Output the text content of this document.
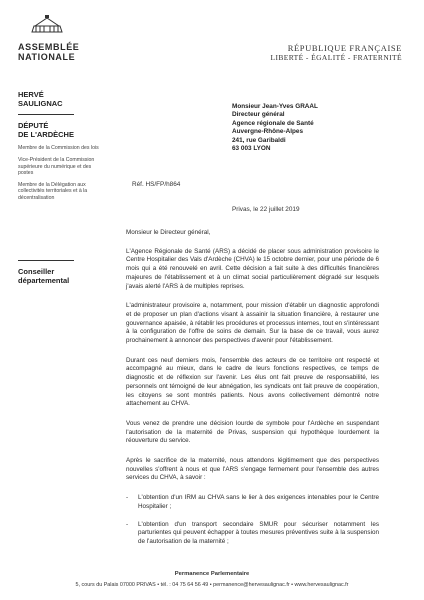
ASSEMBLÉE
NATIONALE
RÉPUBLIQUE FRANÇAISE
LIBERTÉ - ÉGALITÉ - FRATERNITÉ
HERVÉ
SAULIGNAC
DÉPUTÉ
DE L'ARDÈCHE
Membre de la Commission des lois
Vice-Président de la Commission supérieure du numérique et des postes
Membre de la Délégation aux collectivités territoriales et à la décentralisation
Conseiller
départemental
Monsieur Jean-Yves GRAAL
Directeur général
Agence régionale de Santé
Auvergne-Rhône-Alpes
241, rue Garibaldi
63 003 LYON
Réf. HS/FP/h864
Privas, le 22 juillet 2019

Monsieur le Directeur général,

L'Agence Régionale de Santé (ARS) a décidé de placer sous administration provisoire le Centre Hospitalier des Vals d'Ardèche (CHVA) le 15 octobre dernier, pour une période de 6 mois qui a été renouvelé en avril. Cette décision a fait suite à des difficultés financières majeures de l'établissement et à un climat social particulièrement dégradé sur lesquels j'avais alerté l'ARS à de multiples reprises.

L'administrateur provisoire a, notamment, pour mission d'établir un diagnostic approfondi et de proposer un plan d'actions visant à assainir la situation financière, à restaurer une gouvernance apaisée, à rétablir les procédures et processus internes, tout en s'intéressant à la configuration de l'offre de soins de demain. Sur la base de ce travail, vous aurez prochainement à annoncer des perspectives d'avenir pour l'établissement.

Durant ces neuf derniers mois, l'ensemble des acteurs de ce territoire ont respecté et accompagné au mieux, dans le cadre de leurs fonctions respectives, ce temps de diagnostic et de réflexion sur l'avenir. Les élus ont fait preuve de responsabilité, les personnels ont témoigné de leur abnégation, les syndicats ont fait preuve de coopération, les citoyens se sont montrés patients. Nous avons collectivement démontré notre attachement au CHVA.

Vous venez de prendre une décision lourde de symbole pour l'Ardèche en suspendant l'autorisation de la maternité de Privas, suspension qui hypothèque lourdement la réouverture du service.

Après le sacrifice de la maternité, nous attendons légitimement que des perspectives nouvelles s'offrent à nous et que l'ARS s'engage fermement pour l'ensemble des autres services du CHVA, à savoir :

- L'obtention d'un IRM au CHVA sans le lier à des exigences intenables pour le Centre Hospitalier ;
- L'obtention d'un transport secondaire SMUR pour sécuriser notamment les parturientes qui peuvent échapper à toutes mesures préventives suite à la suspension de l'autorisation de la maternité ;
Permanence Parlementaire
5, cours du Palais 07000 PRIVAS • tél. : 04 75 64 56 49 • permanence@hervesaulignac.fr • www.hervesaulignac.fr
